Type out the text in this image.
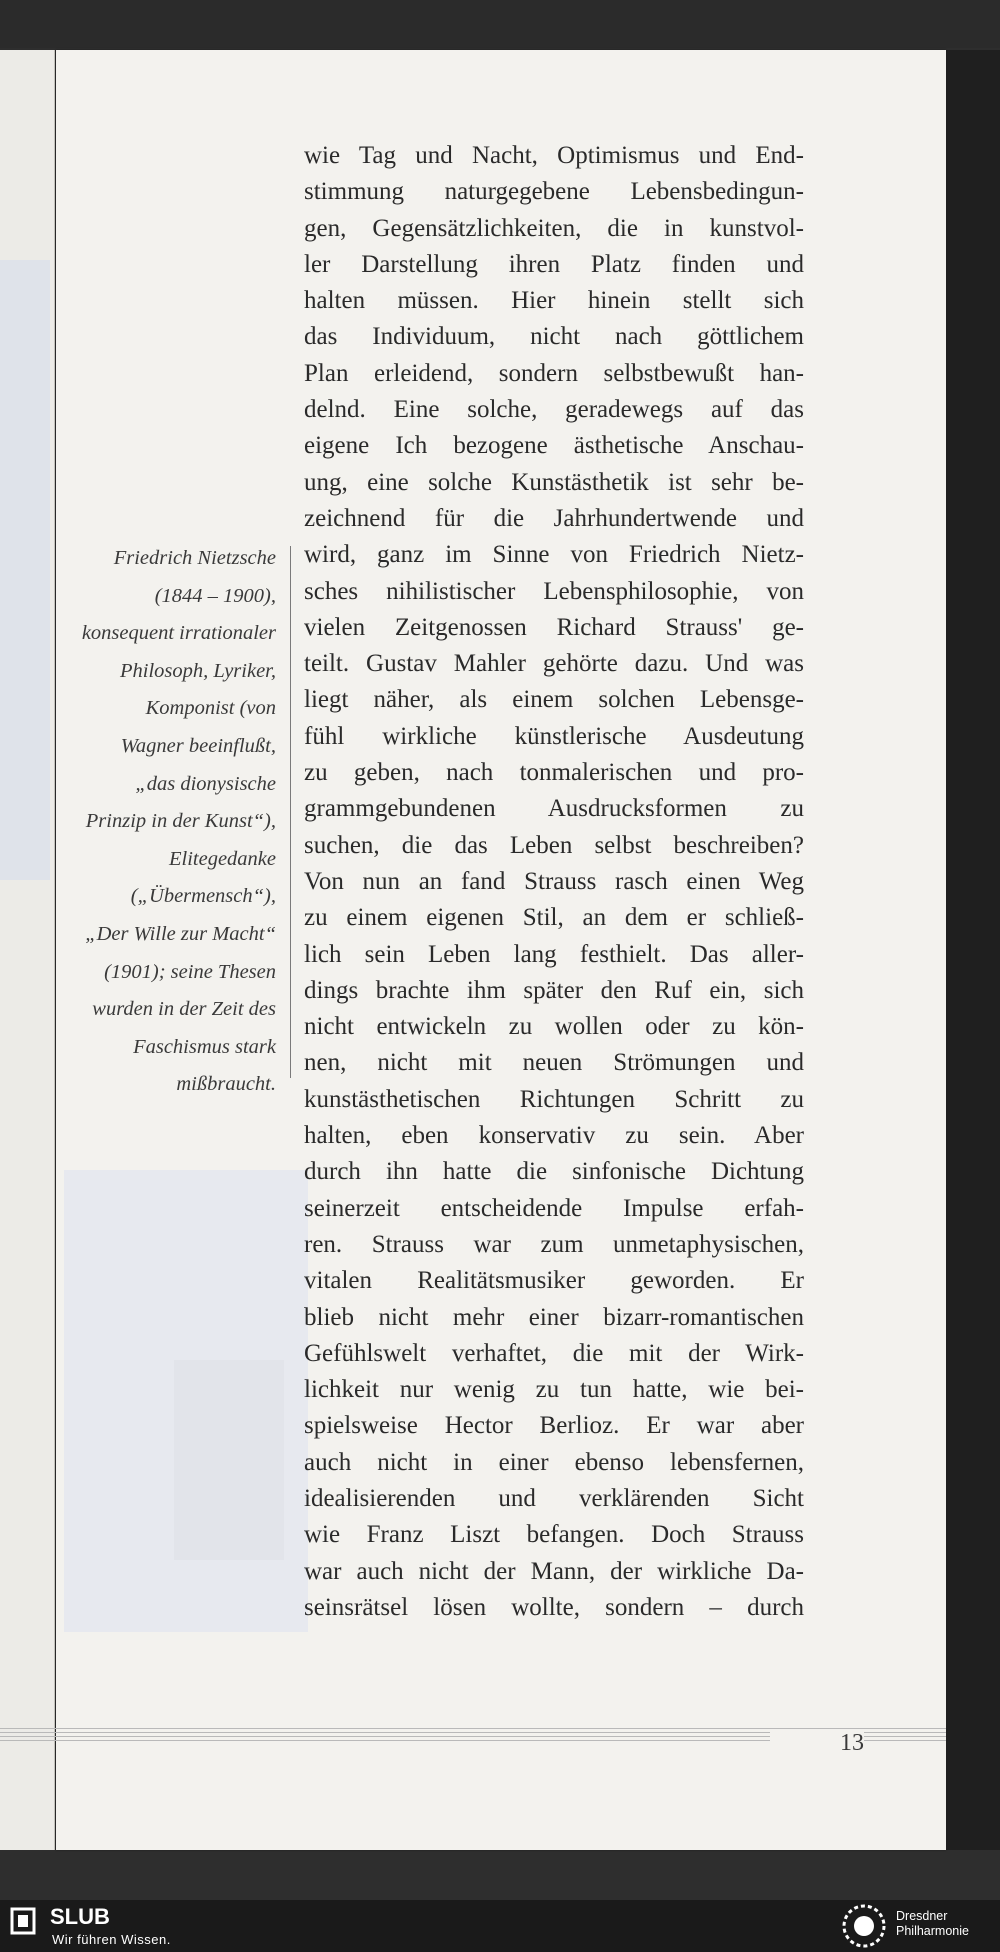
Friedrich Nietzsche
(1844 – 1900),
konsequent irrationaler
Philosoph, Lyriker,
Komponist (von
Wagner beeinflußt,
„das dionysische
Prinzip in der Kunst“),
Elitegedanke
(„Übermensch“),
„Der Wille zur Macht“
(1901); seine Thesen
wurden in der Zeit des
Faschismus stark
mißbraucht.
wie Tag und Nacht, Optimismus und End-
stimmung naturgegebene Lebensbedingun-
gen, Gegensätzlichkeiten, die in kunstvol-
ler Darstellung ihren Platz finden und
halten müssen. Hier hinein stellt sich
das Individuum, nicht nach göttlichem
Plan erleidend, sondern selbstbewußt han-
delnd. Eine solche, geradewegs auf das
eigene Ich bezogene ästhetische Anschau-
ung, eine solche Kunstästhetik ist sehr be-
zeichnend für die Jahrhundertwende und
wird, ganz im Sinne von Friedrich Nietz-
sches nihilistischer Lebensphilosophie, von
vielen Zeitgenossen Richard Strauss' ge-
teilt. Gustav Mahler gehörte dazu. Und was
liegt näher, als einem solchen Lebensge-
fühl wirkliche künstlerische Ausdeutung
zu geben, nach tonmalerischen und pro-
grammgebundenen Ausdrucksformen zu
suchen, die das Leben selbst beschreiben?
Von nun an fand Strauss rasch einen Weg
zu einem eigenen Stil, an dem er schließ-
lich sein Leben lang festhielt. Das aller-
dings brachte ihm später den Ruf ein, sich
nicht entwickeln zu wollen oder zu kön-
nen, nicht mit neuen Strömungen und
kunstästhetischen Richtungen Schritt zu
halten, eben konservativ zu sein. Aber
durch ihn hatte die sinfonische Dichtung
seinerzeit entscheidende Impulse erfah-
ren. Strauss war zum unmetaphysischen,
vitalen Realitätsmusiker geworden. Er
blieb nicht mehr einer bizarr-romantischen
Gefühlswelt verhaftet, die mit der Wirk-
lichkeit nur wenig zu tun hatte, wie bei-
spielsweise Hector Berlioz. Er war aber
auch nicht in einer ebenso lebensfernen,
idealisierenden und verklärenden Sicht
wie Franz Liszt befangen. Doch Strauss
war auch nicht der Mann, der wirkliche Da-
seinsrätsel lösen wollte, sondern – durch
13
SLUB
Wir führen Wissen.
Dresdner
Philharmonie
